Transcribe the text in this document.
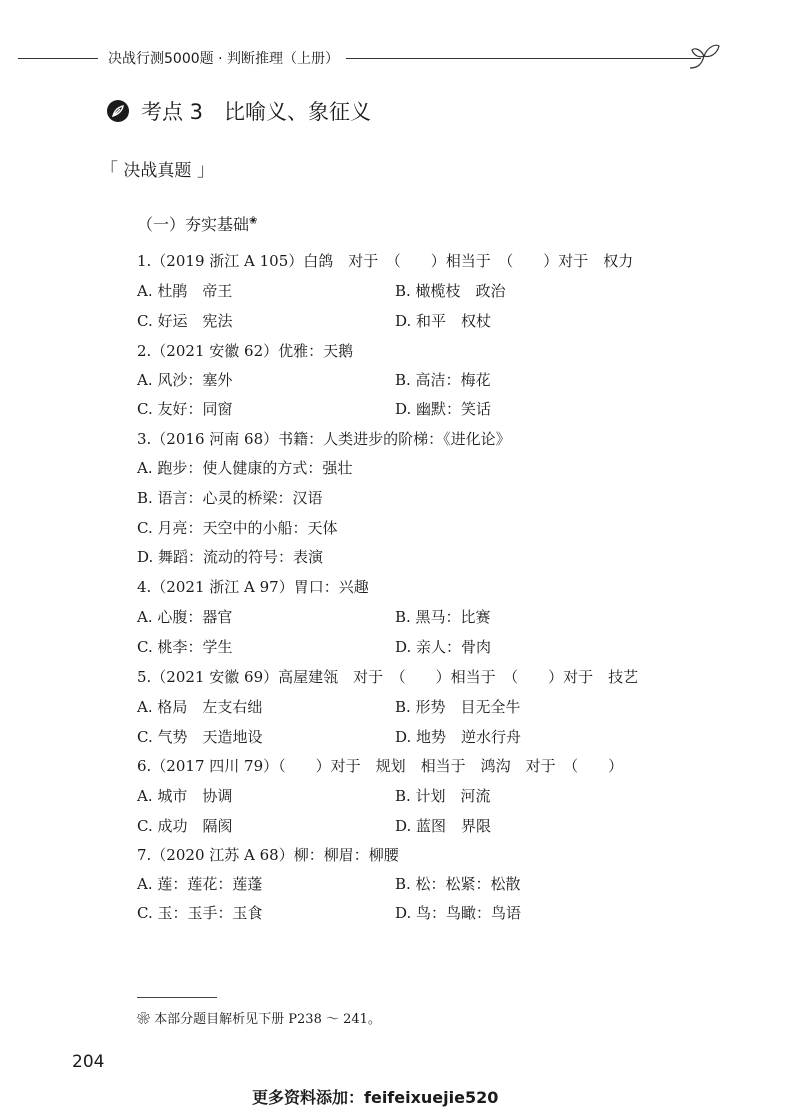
决战行测5000题 · 判断推理（上册）
考点 3　比喻义、象征义
「 决战真题 」
（一）夯实基础❀
1.（2019 浙江 A 105）白鸽　对于　（　　）相当于　（　　）对于　权力
A. 杜鹃　帝王	B. 橄榄枝　政治
C. 好运　宪法	D. 和平　权杖
2.（2021 安徽 62）优雅：天鹅
A. 风沙：塞外	B. 高洁：梅花
C. 友好：同窗	D. 幽默：笑话
3.（2016 河南 68）书籍：人类进步的阶梯：《进化论》
A. 跑步：使人健康的方式：强壮
B. 语言：心灵的桥梁：汉语
C. 月亮：天空中的小船：天体
D. 舞蹈：流动的符号：表演
4.（2021 浙江 A 97）胃口：兴趣
A. 心腹：器官	B. 黑马：比赛
C. 桃李：学生	D. 亲人：骨肉
5.（2021 安徽 69）高屋建瓴　对于　（　　）相当于　（　　）对于　技艺
A. 格局　左支右绌	B. 形势　目无全牛
C. 气势　天造地设	D. 地势　逆水行舟
6.（2017 四川 79）（　　）对于　规划　相当于　鸿沟　对于　（　　）
A. 城市　协调	B. 计划　河流
C. 成功　隔阂	D. 蓝图　界限
7.（2020 江苏 A 68）柳：柳眉：柳腰
A. 莲：莲花：莲蓬	B. 松：松紧：松散
C. 玉：玉手：玉食	D. 鸟：鸟瞰：鸟语
❀ 本部分题目解析见下册 P238 ～ 241。
204
更多资料添加：feifeixuejie520
